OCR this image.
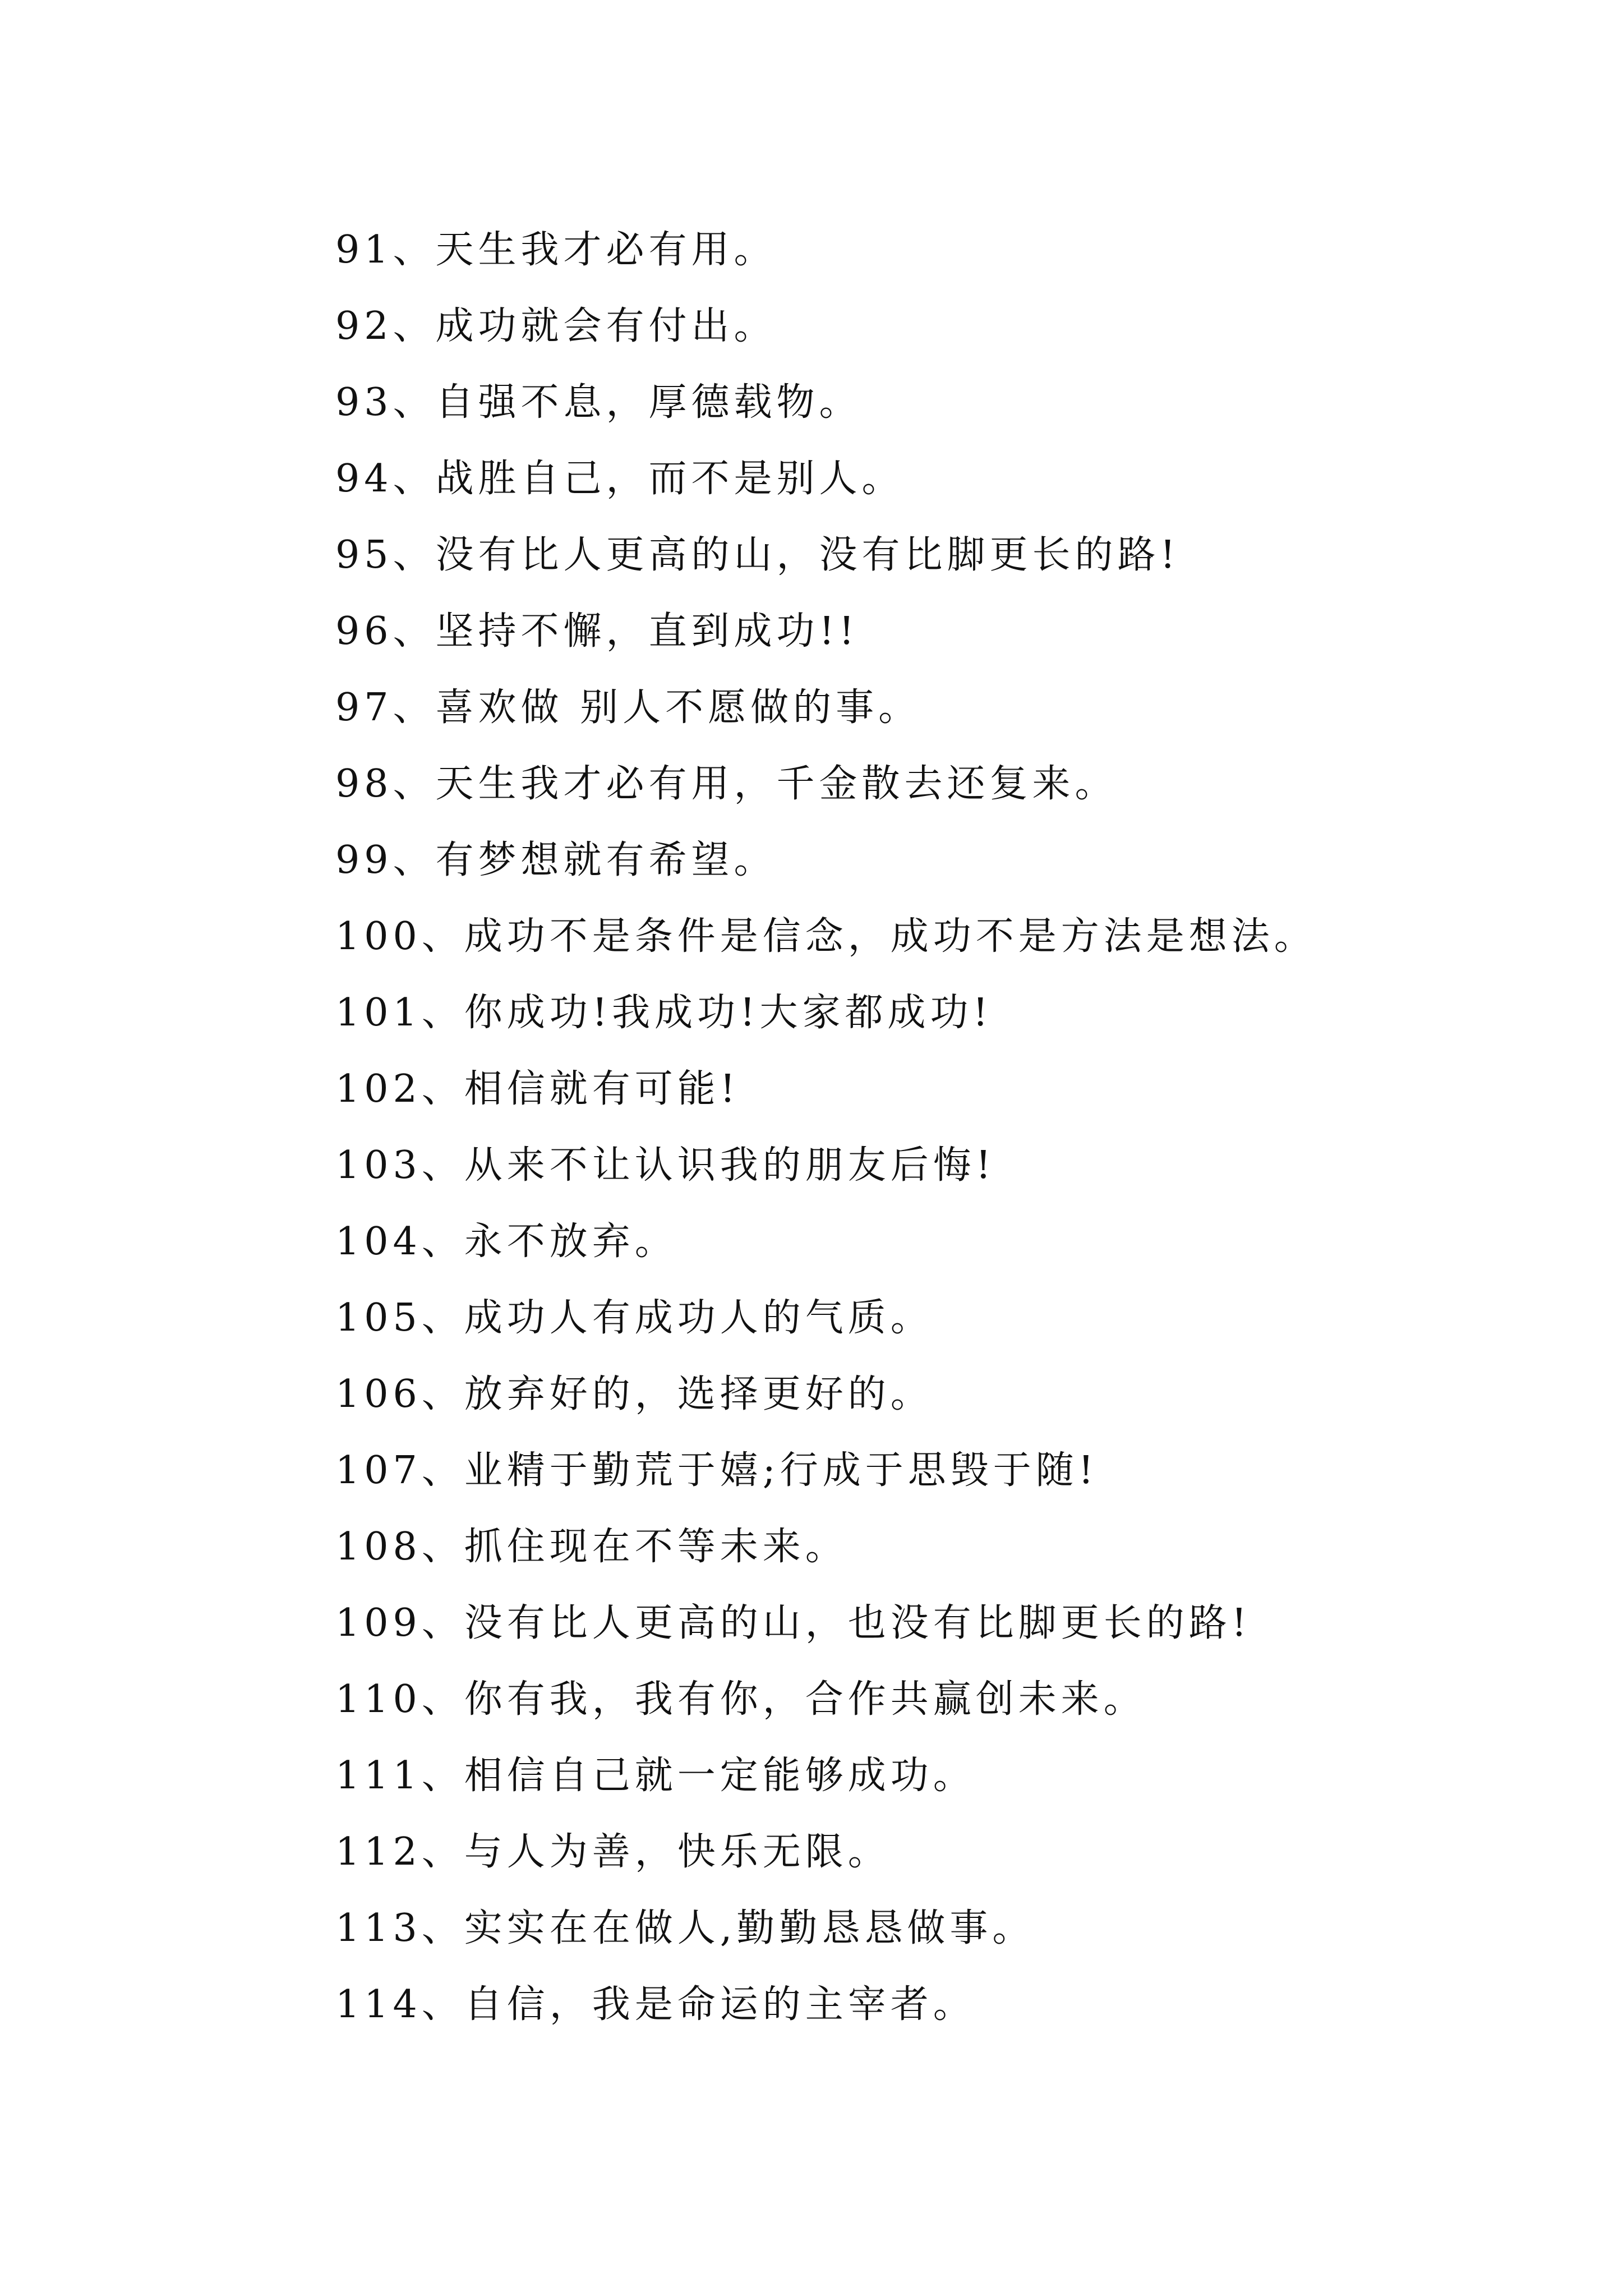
91、天生我才必有用。
92、成功就会有付出。
93、自强不息，厚德载物。
94、战胜自己，而不是别人。
95、没有比人更高的山，没有比脚更长的路!
96、坚持不懈，直到成功!!
97、喜欢做 别人不愿做的事。
98、天生我才必有用，千金散去还复来。
99、有梦想就有希望。
100、成功不是条件是信念，成功不是方法是想法。
101、你成功!我成功!大家都成功!
102、相信就有可能!
103、从来不让认识我的朋友后悔!
104、永不放弃。
105、成功人有成功人的气质。
106、放弃好的，选择更好的。
107、业精于勤荒于嬉;行成于思毁于随!
108、抓住现在不等未来。
109、没有比人更高的山，也没有比脚更长的路!
110、你有我，我有你，合作共赢创未来。
111、相信自己就一定能够成功。
112、与人为善，快乐无限。
113、实实在在做人,勤勤恳恳做事。
114、自信，我是命运的主宰者。
